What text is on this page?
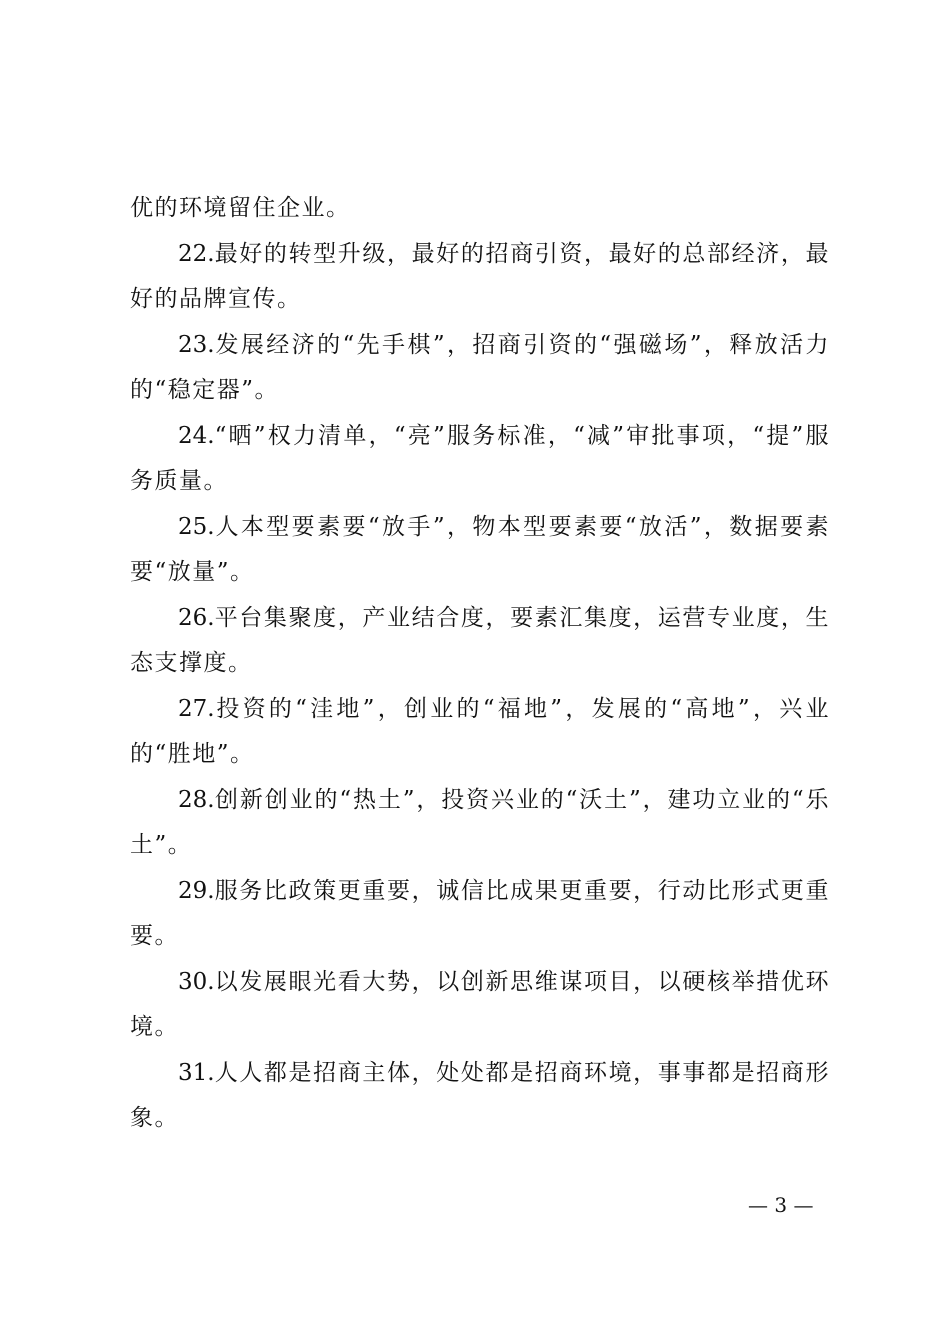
优的环境留住企业。

22.最好的转型升级，最好的招商引资，最好的总部经济，最好的品牌宣传。

23.发展经济的“先手棋”，招商引资的“强磁场”，释放活力的“稳定器”。

24.“晒”权力清单，“亮”服务标准，“减”审批事项，“提”服务质量。

25.人本型要素要“放手”，物本型要素要“放活”，数据要素要“放量”。

26.平台集聚度，产业结合度，要素汇集度，运营专业度，生态支撑度。

27.投资的“洼地”，创业的“福地”，发展的“高地”，兴业的“胜地”。

28.创新创业的“热土”，投资兴业的“沃土”，建功立业的“乐土”。

29.服务比政策更重要，诚信比成果更重要，行动比形式更重要。

30.以发展眼光看大势，以创新思维谋项目，以硬核举措优环境。

31.人人都是招商主体，处处都是招商环境，事事都是招商形象。

— 3 —
